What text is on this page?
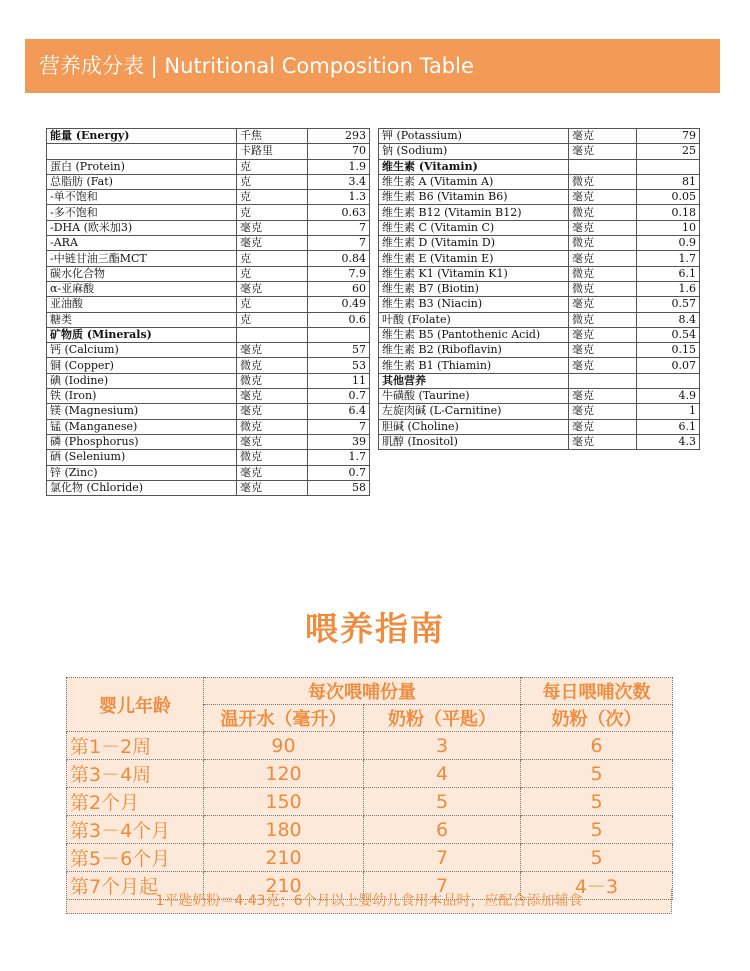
营养成分表 | Nutritional Composition Table
能量 (Energy)	千焦	293
	卡路里	70
蛋白 (Protein)	克	1.9
总脂肪 (Fat)	克	3.4
-单不饱和	克	1.3
-多不饱和	克	0.63
-DHA (欧米加3)	毫克	7
-ARA	毫克	7
-中链甘油三酯MCT	克	0.84
碳水化合物	克	7.9
α-亚麻酸	毫克	60
亚油酸	克	0.49
糖类	克	0.6
矿物质 (Minerals)		
钙 (Calcium)	毫克	57
铜 (Copper)	微克	53
碘 (Iodine)	微克	11
铁 (Iron)	毫克	0.7
镁 (Magnesium)	毫克	6.4
锰 (Manganese)	微克	7
磷 (Phosphorus)	毫克	39
硒 (Selenium)	微克	1.7
锌 (Zinc)	毫克	0.7
氯化物 (Chloride)	毫克	58
钾 (Potassium)	毫克	79
钠 (Sodium)	毫克	25
维生素 (Vitamin)		
维生素 A (Vitamin A)	微克	81
维生素 B6 (Vitamin B6)	毫克	0.05
维生素 B12 (Vitamin B12)	微克	0.18
维生素 C (Vitamin C)	毫克	10
维生素 D (Vitamin D)	微克	0.9
维生素 E (Vitamin E)	毫克	1.7
维生素 K1 (Vitamin K1)	微克	6.1
维生素 B7 (Biotin)	微克	1.6
维生素 B3 (Niacin)	毫克	0.57
叶酸 (Folate)	微克	8.4
维生素 B5 (Pantothenic Acid)	毫克	0.54
维生素 B2 (Riboflavin)	毫克	0.15
维生素 B1 (Thiamin)	毫克	0.07
其他营养		
牛磺酸 (Taurine)	毫克	4.9
左旋肉碱 (L-Carnitine)	毫克	1
胆碱 (Choline)	毫克	6.1
肌醇 (Inositol)	毫克	4.3
喂养指南
婴儿年龄	每次喂哺份量		每日喂哺次数
	温开水（毫升）	奶粉（平匙）	奶粉（次）
第1－2周	90	3	6
第3－4周	120	4	5
第2个月	150	5	5
第3－4个月	180	6	5
第5－6个月	210	7	5
第7个月起	210	7	4－3
1平匙奶粉＝4.43克；6个月以上婴幼儿食用本品时，应配合添加辅食
